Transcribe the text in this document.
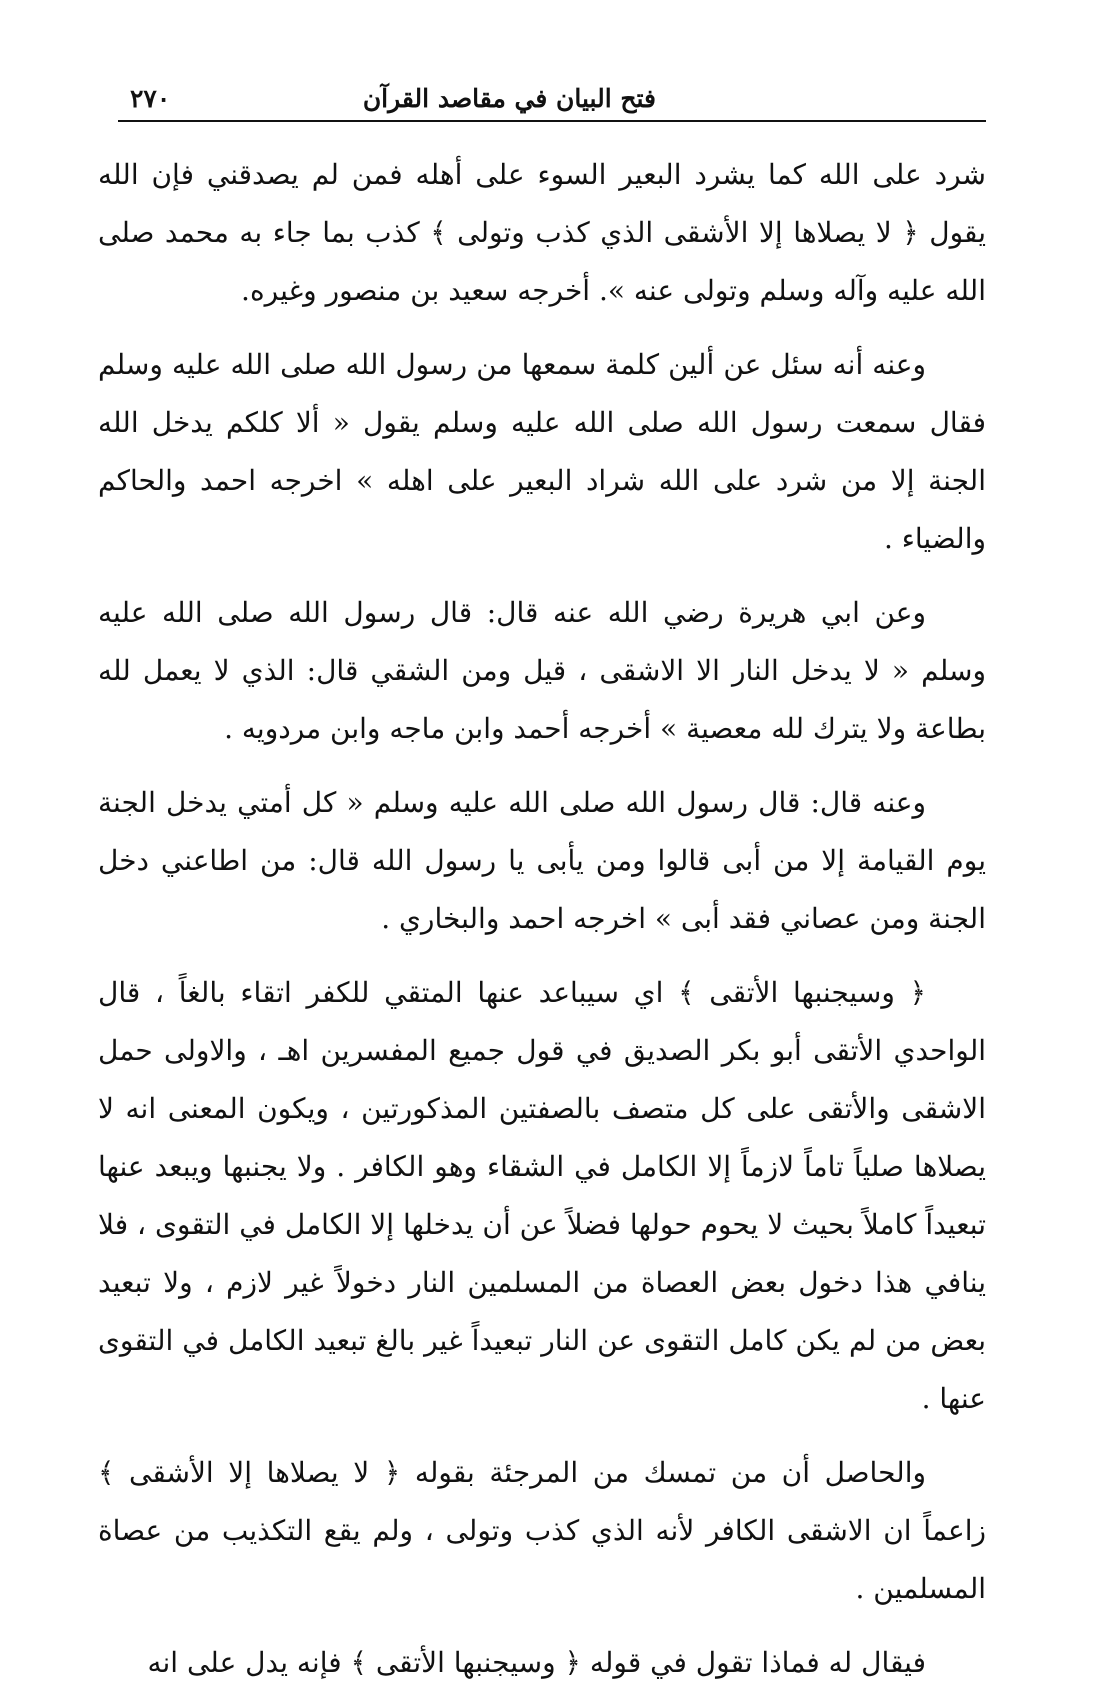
فتح البيان في مقاصد القرآن
٢٧٠

شرد على الله كما يشرد البعير السوء على أهله فمن لم يصدقني فإن الله يقول ﴿ لا يصلاها إلا الأشقى الذي كذب وتولى ﴾ كذب بما جاء به محمد صلى الله عليه وآله وسلم وتولى عنه ». أخرجه سعيد بن منصور وغيره.

وعنه أنه سئل عن ألين كلمة سمعها من رسول الله صلى الله عليه وسلم فقال سمعت رسول الله صلى الله عليه وسلم يقول « ألا كلكم يدخل الله الجنة إلا من شرد على الله شراد البعير على اهله » اخرجه احمد والحاكم والضياء .

وعن ابي هريرة رضي الله عنه قال: قال رسول الله صلى الله عليه وسلم « لا يدخل النار الا الاشقى ، قيل ومن الشقي قال: الذي لا يعمل لله بطاعة ولا يترك لله معصية » أخرجه أحمد وابن ماجه وابن مردويه .

وعنه قال: قال رسول الله صلى الله عليه وسلم « كل أمتي يدخل الجنة يوم القيامة إلا من أبى قالوا ومن يأبى يا رسول الله قال: من اطاعني دخل الجنة ومن عصاني فقد أبى » اخرجه احمد والبخاري .

﴿ وسيجنبها الأتقى ﴾ اي سيباعد عنها المتقي للكفر اتقاء بالغاً ، قال الواحدي الأتقى أبو بكر الصديق في قول جميع المفسرين اهـ ، والاولى حمل الاشقى والأتقى على كل متصف بالصفتين المذكورتين ، ويكون المعنى انه لا يصلاها صلياً تاماً لازماً إلا الكامل في الشقاء وهو الكافر . ولا يجنبها ويبعد عنها تبعيداً كاملاً بحيث لا يحوم حولها فضلاً عن أن يدخلها إلا الكامل في التقوى ، فلا ينافي هذا دخول بعض العصاة من المسلمين النار دخولاً غير لازم ، ولا تبعيد بعض من لم يكن كامل التقوى عن النار تبعيداً غير بالغ تبعيد الكامل في التقوى عنها .

والحاصل أن من تمسك من المرجئة بقوله ﴿ لا يصلاها إلا الأشقى ﴾ زاعماً ان الاشقى الكافر لأنه الذي كذب وتولى ، ولم يقع التكذيب من عصاة المسلمين .

فيقال له فماذا تقول في قوله ﴿ وسيجنبها الأتقى ﴾ فإنه يدل على انه
